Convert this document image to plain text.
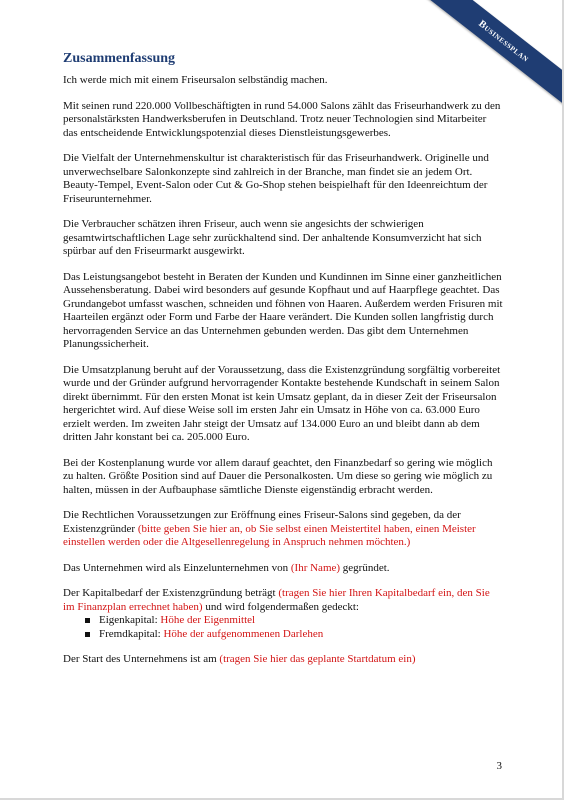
Businessplan
Zusammenfassung

Ich werde mich mit einem Friseursalon selbständig machen.

Mit seinen rund 220.000 Vollbeschäftigten in rund 54.000 Salons zählt das Friseurhandwerk zu den personalstärksten Handwerksberufen in Deutschland. Trotz neuer Technologien sind Mitarbeiter das entscheidende Entwicklungspotenzial dieses Dienstleistungsgewerbes.

Die Vielfalt der Unternehmenskultur ist charakteristisch für das Friseurhandwerk. Originelle und unverwechselbare Salonkonzepte sind zahlreich in der Branche, man findet sie an jedem Ort. Beauty-Tempel, Event-Salon oder Cut & Go-Shop stehen beispielhaft für den Ideenreichtum der Friseurunternehmer.

Die Verbraucher schätzen ihren Friseur, auch wenn sie angesichts der schwierigen gesamtwirtschaftlichen Lage sehr zurückhaltend sind. Der anhaltende Konsumverzicht hat sich spürbar auf den Friseurmarkt ausgewirkt.

Das Leistungsangebot besteht in Beraten der Kunden und Kundinnen im Sinne einer ganzheitlichen Aussehensberatung. Dabei wird besonders auf gesunde Kopfhaut und auf Haarpflege geachtet. Das Grundangebot umfasst waschen, schneiden und föhnen von Haaren. Außerdem werden Frisuren mit Haarteilen ergänzt oder Form und Farbe der Haare verändert. Die Kunden sollen langfristig durch hervorragenden Service an das Unternehmen gebunden werden. Das gibt dem Unternehmen Planungssicherheit.

Die Umsatzplanung beruht auf der Voraussetzung, dass die Existenzgründung sorgfältig vorbereitet wurde und der Gründer aufgrund hervorragender Kontakte bestehende Kundschaft in seinem Salon direkt übernimmt. Für den ersten Monat ist kein Umsatz geplant, da in dieser Zeit der Friseursalon hergerichtet wird. Auf diese Weise soll im ersten Jahr ein Umsatz in Höhe von ca. 63.000 Euro erzielt werden. Im zweiten Jahr steigt der Umsatz auf 134.000 Euro an und bleibt dann ab dem dritten Jahr konstant bei ca. 205.000 Euro.

Bei der Kostenplanung wurde vor allem darauf geachtet, den Finanzbedarf so gering wie möglich zu halten. Größte Position sind auf Dauer die Personalkosten. Um diese so gering wie möglich zu halten, müssen in der Aufbauphase sämtliche Dienste eigenständig erbracht werden.

Die Rechtlichen Voraussetzungen zur Eröffnung eines Friseur-Salons sind gegeben, da der Existenzgründer (bitte geben Sie hier an, ob Sie selbst einen Meistertitel haben, einen Meister einstellen werden oder die Altgesellenregelung in Anspruch nehmen möchten.)

Das Unternehmen wird als Einzelunternehmen von (Ihr Name) gegründet.

Der Kapitalbedarf der Existenzgründung beträgt (tragen Sie hier Ihren Kapitalbedarf ein, den Sie im Finanzplan errechnet haben) und wird folgendermaßen gedeckt:

Eigenkapital: Höhe der Eigenmittel
Fremdkapital: Höhe der aufgenommenen Darlehen

Der Start des Unternehmens ist am (tragen Sie hier das geplante Startdatum ein)

3
